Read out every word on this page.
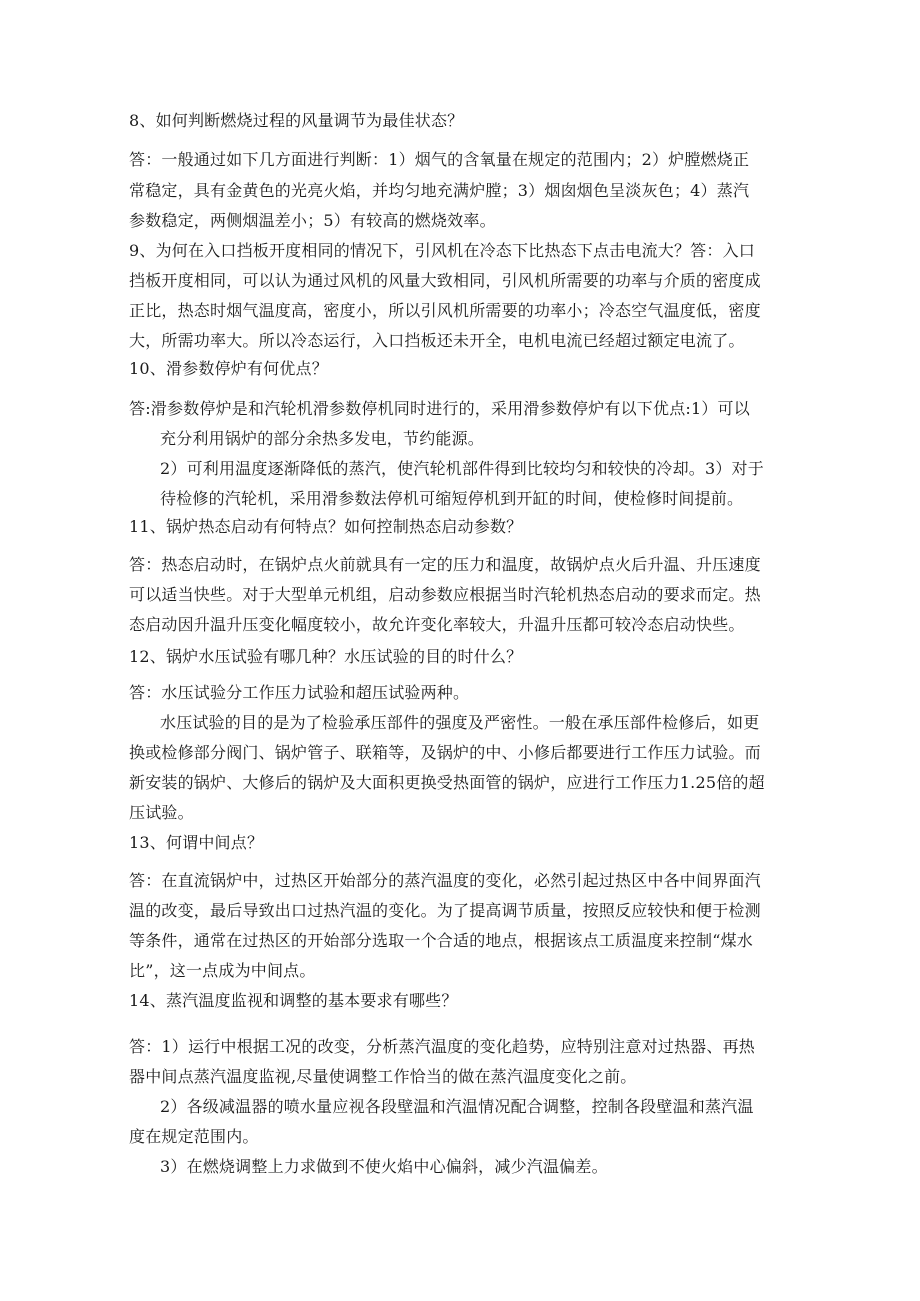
8、如何判断燃烧过程的风量调节为最佳状态？
答：一般通过如下几方面进行判断：1）烟气的含氧量在规定的范围内；2）炉膛燃烧正
常稳定，具有金黄色的光亮火焰，并均匀地充满炉膛；3）烟囱烟色呈淡灰色；4）蒸汽
参数稳定，两侧烟温差小；5）有较高的燃烧效率。
9、为何在入口挡板开度相同的情况下，引风机在冷态下比热态下点击电流大？答：入口
挡板开度相同，可以认为通过风机的风量大致相同，引风机所需要的功率与介质的密度成
正比，热态时烟气温度高，密度小，所以引风机所需要的功率小；冷态空气温度低，密度
大，所需功率大。所以冷态运行，入口挡板还未开全，电机电流已经超过额定电流了。
10、滑参数停炉有何优点？
答:滑参数停炉是和汽轮机滑参数停机同时进行的，采用滑参数停炉有以下优点:1）可以
充分利用锅炉的部分余热多发电，节约能源。
2）可利用温度逐渐降低的蒸汽，使汽轮机部件得到比较均匀和较快的冷却。3）对于
待检修的汽轮机，采用滑参数法停机可缩短停机到开缸的时间，使检修时间提前。
11、锅炉热态启动有何特点？如何控制热态启动参数？
答：热态启动时，在锅炉点火前就具有一定的压力和温度，故锅炉点火后升温、升压速度
可以适当快些。对于大型单元机组，启动参数应根据当时汽轮机热态启动的要求而定。热
态启动因升温升压变化幅度较小，故允许变化率较大，升温升压都可较冷态启动快些。
12、锅炉水压试验有哪几种？水压试验的目的时什么？
答：水压试验分工作压力试验和超压试验两种。
水压试验的目的是为了检验承压部件的强度及严密性。一般在承压部件检修后，如更
换或检修部分阀门、锅炉管子、联箱等，及锅炉的中、小修后都要进行工作压力试验。而
新安装的锅炉、大修后的锅炉及大面积更换受热面管的锅炉，应进行工作压力1.25倍的超
压试验。
13、何谓中间点？
答：在直流锅炉中，过热区开始部分的蒸汽温度的变化，必然引起过热区中各中间界面汽
温的改变，最后导致出口过热汽温的变化。为了提高调节质量，按照反应较快和便于检测
等条件，通常在过热区的开始部分选取一个合适的地点，根据该点工质温度来控制“煤水
比”，这一点成为中间点。
14、蒸汽温度监视和调整的基本要求有哪些？
答：1）运行中根据工况的改变，分析蒸汽温度的变化趋势，应特别注意对过热器、再热
器中间点蒸汽温度监视,尽量使调整工作恰当的做在蒸汽温度变化之前。
2）各级减温器的喷水量应视各段壁温和汽温情况配合调整，控制各段壁温和蒸汽温
度在规定范围内。
3）在燃烧调整上力求做到不使火焰中心偏斜，减少汽温偏差。
